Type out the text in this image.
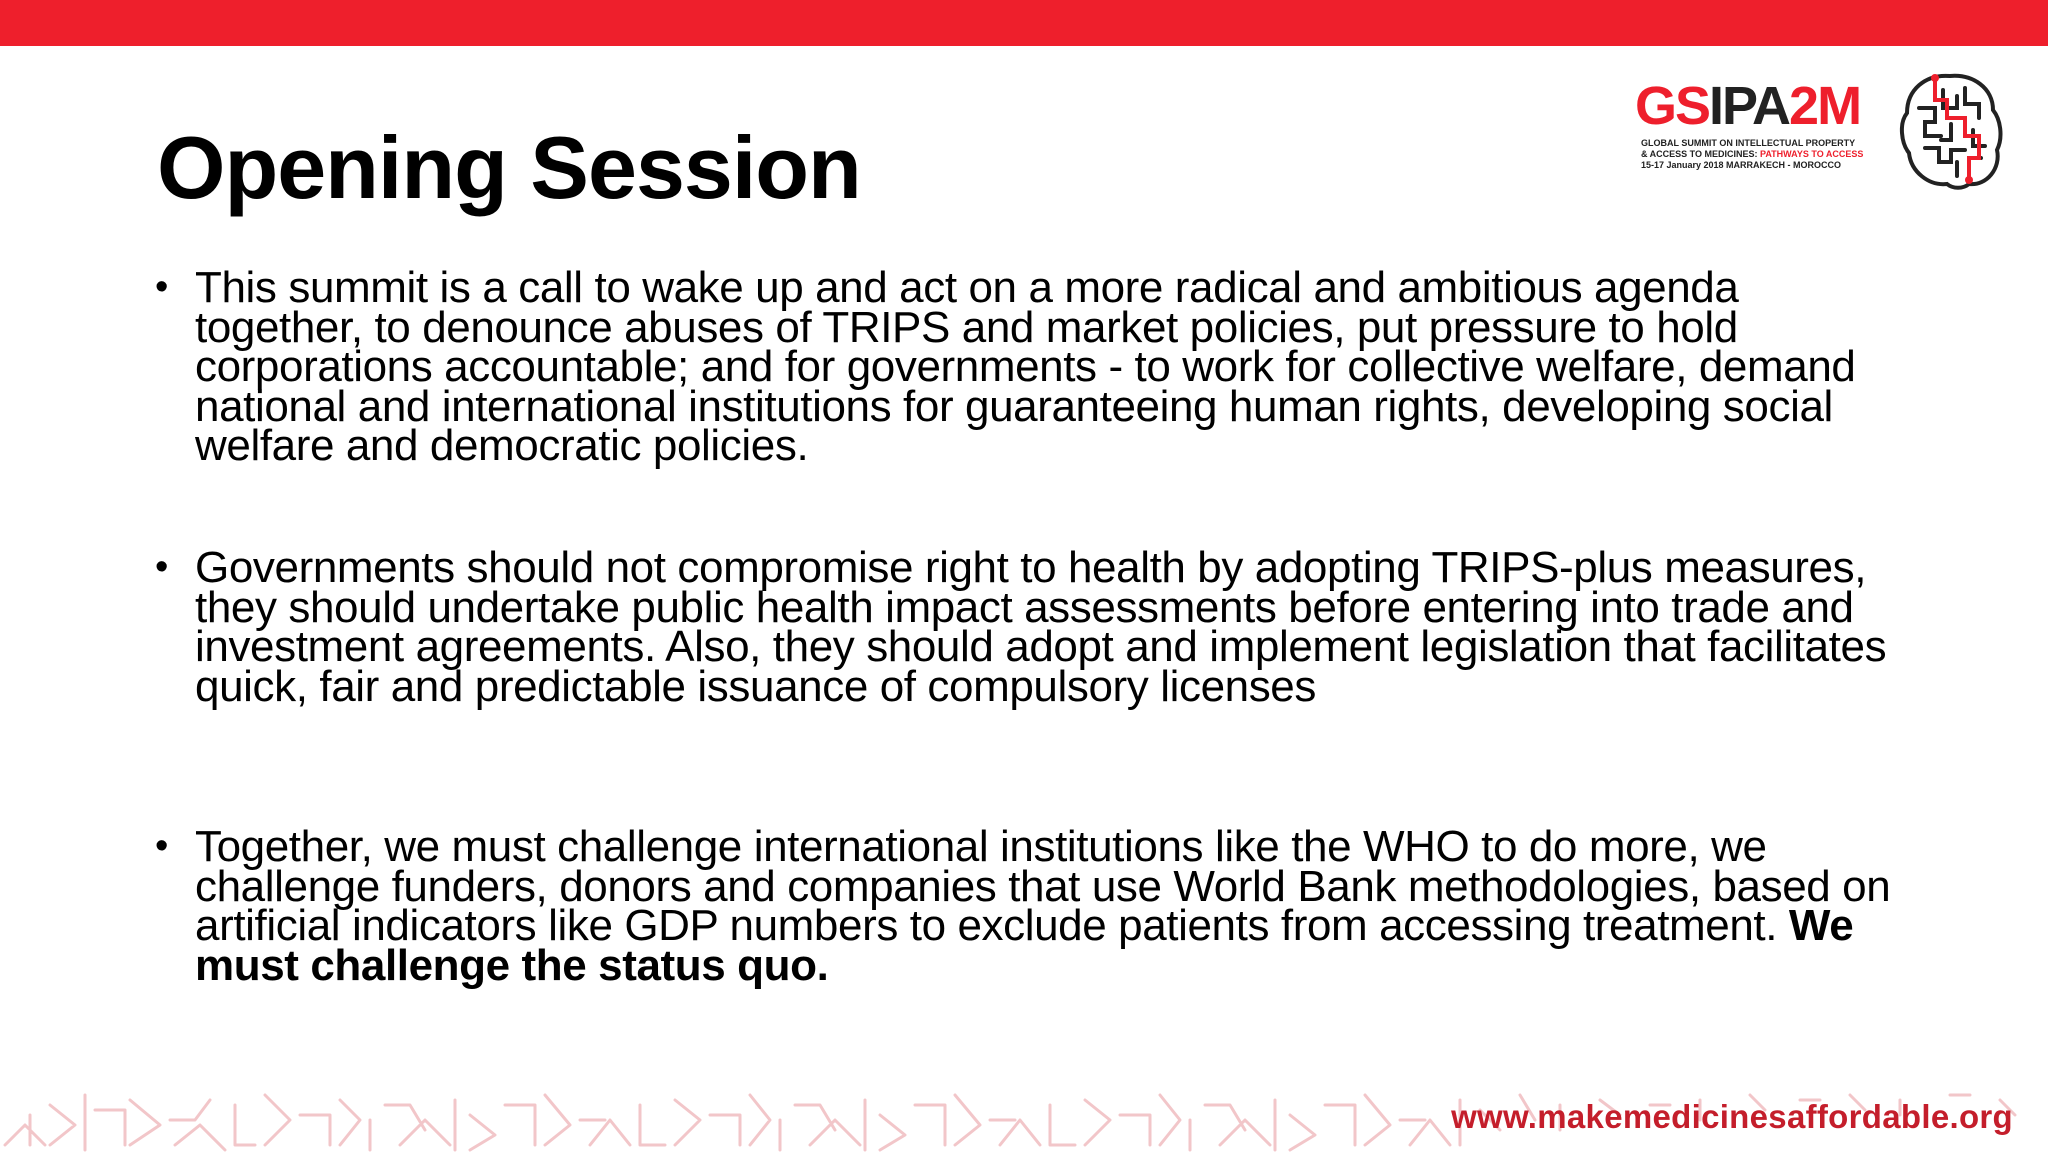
Opening Session
GSIPA2M
GLOBAL SUMMIT ON INTELLECTUAL PROPERTY
& ACCESS TO MEDICINES: PATHWAYS TO ACCESS
15-17 January 2018 MARRAKECH - MOROCCO
• This summit is a call to wake up and act on a more radical and ambitious agenda together, to denounce abuses of TRIPS and market policies, put pressure to hold corporations accountable; and for governments - to work for collective welfare, demand national and international institutions for guaranteeing human rights, developing social welfare and democratic policies.
• Governments should not compromise right to health by adopting TRIPS-plus measures, they should undertake public health impact assessments before entering into trade and investment agreements. Also, they should adopt and implement legislation that facilitates quick, fair and predictable issuance of compulsory licenses
• Together, we must challenge international institutions like the WHO to do more, we challenge funders, donors and companies that use World Bank methodologies, based on artificial indicators like GDP numbers to exclude patients from accessing treatment. We must challenge the status quo.
www.makemedicinesaffordable.org
